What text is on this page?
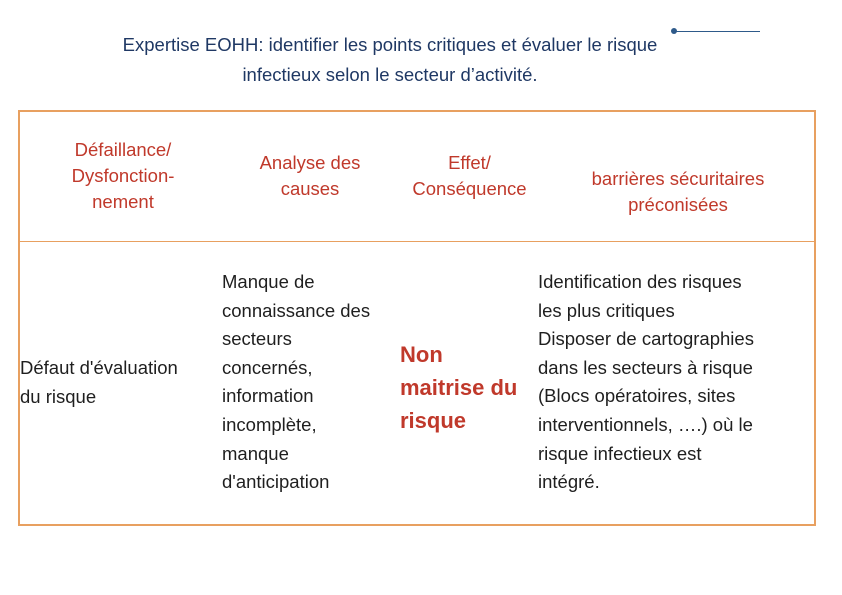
Expertise EOHH: identifier les points critiques et évaluer le risque
infectieux selon le secteur d’activité.
Défaillance/
Dysfonction-
nement
Analyse des
causes
Effet/
Conséquence	barrières sécuritaires
préconisées
Défaut d'évaluation
du risque
Manque de
connaissance des
secteurs
concernés,
information
incomplète,
manque
d'anticipation
Non
maitrise du
risque
Identification des risques
les plus critiques
Disposer de cartographies
dans les secteurs à risque
(Blocs opératoires, sites
interventionnels, ….) où le
risque infectieux est
intégré.
